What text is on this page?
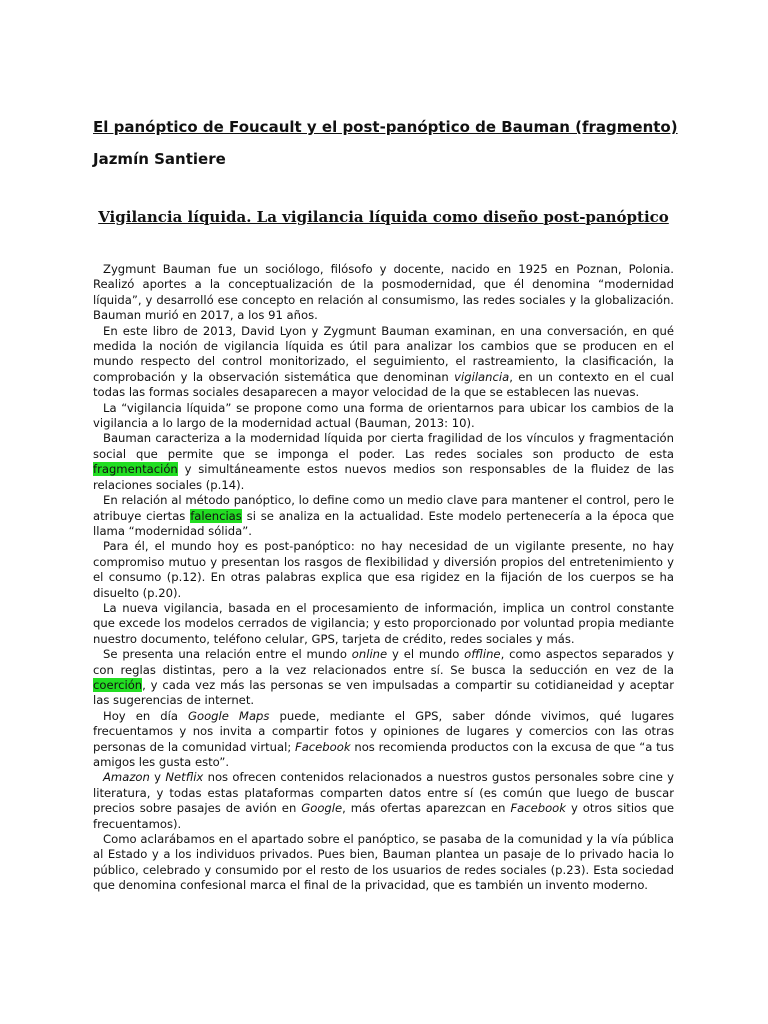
El panóptico de Foucault y el post-panóptico de Bauman (fragmento)
Jazmín Santiere
Vigilancia líquida. La vigilancia líquida como diseño post-panóptico

Zygmunt Bauman fue un sociólogo, filósofo y docente, nacido en 1925 en Poznan, Polonia. Realizó aportes a la conceptualización de la posmodernidad, que él denomina “modernidad líquida”, y desarrolló ese concepto en relación al consumismo, las redes sociales y la globalización. Bauman murió en 2017, a los 91 años.

En este libro de 2013, David Lyon y Zygmunt Bauman examinan, en una conversación, en qué medida la noción de vigilancia líquida es útil para analizar los cambios que se producen en el mundo respecto del control monitorizado, el seguimiento, el rastreamiento, la clasificación, la comprobación y la observación sistemática que denominan vigilancia, en un contexto en el cual todas las formas sociales desaparecen a mayor velocidad de la que se establecen las nuevas.

La “vigilancia líquida” se propone como una forma de orientarnos para ubicar los cambios de la vigilancia a lo largo de la modernidad actual (Bauman, 2013: 10).

Bauman caracteriza a la modernidad líquida por cierta fragilidad de los vínculos y fragmentación social que permite que se imponga el poder. Las redes sociales son producto de esta fragmentación y simultáneamente estos nuevos medios son responsables de la fluidez de las relaciones sociales (p.14).

En relación al método panóptico, lo define como un medio clave para mantener el control, pero le atribuye ciertas falencias si se analiza en la actualidad. Este modelo pertenecería a la época que llama “modernidad sólida”.

Para él, el mundo hoy es post-panóptico: no hay necesidad de un vigilante presente, no hay compromiso mutuo y presentan los rasgos de flexibilidad y diversión propios del entretenimiento y el consumo (p.12). En otras palabras explica que esa rigidez en la fijación de los cuerpos se ha disuelto (p.20).

La nueva vigilancia, basada en el procesamiento de información, implica un control constante que excede los modelos cerrados de vigilancia; y esto proporcionado por voluntad propia mediante nuestro documento, teléfono celular, GPS, tarjeta de crédito, redes sociales y más.

Se presenta una relación entre el mundo online y el mundo offline, como aspectos separados y con reglas distintas, pero a la vez relacionados entre sí. Se busca la seducción en vez de la coerción, y cada vez más las personas se ven impulsadas a compartir su cotidianeidad y aceptar las sugerencias de internet.

Hoy en día Google Maps puede, mediante el GPS, saber dónde vivimos, qué lugares frecuentamos y nos invita a compartir fotos y opiniones de lugares y comercios con las otras personas de la comunidad virtual; Facebook nos recomienda productos con la excusa de que “a tus amigos les gusta esto”.

Amazon y Netflix nos ofrecen contenidos relacionados a nuestros gustos personales sobre cine y literatura, y todas estas plataformas comparten datos entre sí (es común que luego de buscar precios sobre pasajes de avión en Google, más ofertas aparezcan en Facebook y otros sitios que frecuentamos).

Como aclarábamos en el apartado sobre el panóptico, se pasaba de la comunidad y la vía pública al Estado y a los individuos privados. Pues bien, Bauman plantea un pasaje de lo privado hacia lo público, celebrado y consumido por el resto de los usuarios de redes sociales (p.23). Esta sociedad que denomina confesional marca el final de la privacidad, que es también un invento moderno.
